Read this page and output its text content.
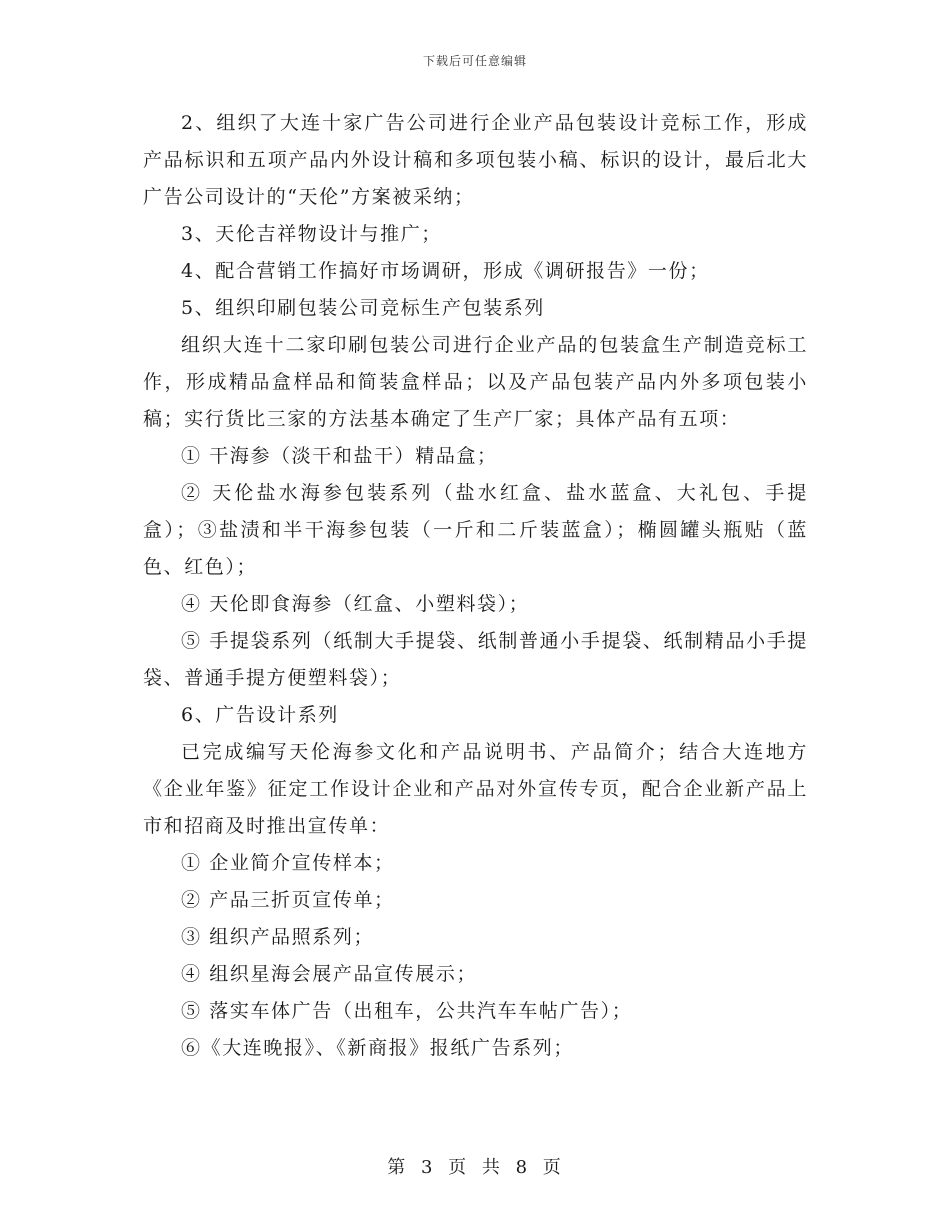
下载后可任意编辑

2、组织了大连十家广告公司进行企业产品包装设计竞标工作，形成产品标识和五项产品内外设计稿和多项包装小稿、标识的设计，最后北大广告公司设计的“天伦”方案被采纳；

3、天伦吉祥物设计与推广；

4、配合营销工作搞好市场调研，形成《调研报告》一份；

5、组织印刷包装公司竞标生产包装系列

组织大连十二家印刷包装公司进行企业产品的包装盒生产制造竞标工作，形成精品盒样品和简装盒样品；以及产品包装产品内外多项包装小稿；实行货比三家的方法基本确定了生产厂家；具体产品有五项：

① 干海参（淡干和盐干）精品盒；

② 天伦盐水海参包装系列（盐水红盒、盐水蓝盒、大礼包、手提盒）；③盐渍和半干海参包装（一斤和二斤装蓝盒）；椭圆罐头瓶贴（蓝色、红色）；

④ 天伦即食海参（红盒、小塑料袋）；

⑤ 手提袋系列（纸制大手提袋、纸制普通小手提袋、纸制精品小手提袋、普通手提方便塑料袋）；

6、广告设计系列

已完成编写天伦海参文化和产品说明书、产品简介；结合大连地方《企业年鉴》征定工作设计企业和产品对外宣传专页，配合企业新产品上市和招商及时推出宣传单：

① 企业简介宣传样本；

② 产品三折页宣传单；

③ 组织产品照系列；

④ 组织星海会展产品宣传展示；

⑤ 落实车体广告（出租车，公共汽车车帖广告）；

⑥《大连晚报》、《新商报》报纸广告系列；

第 3 页 共 8 页
